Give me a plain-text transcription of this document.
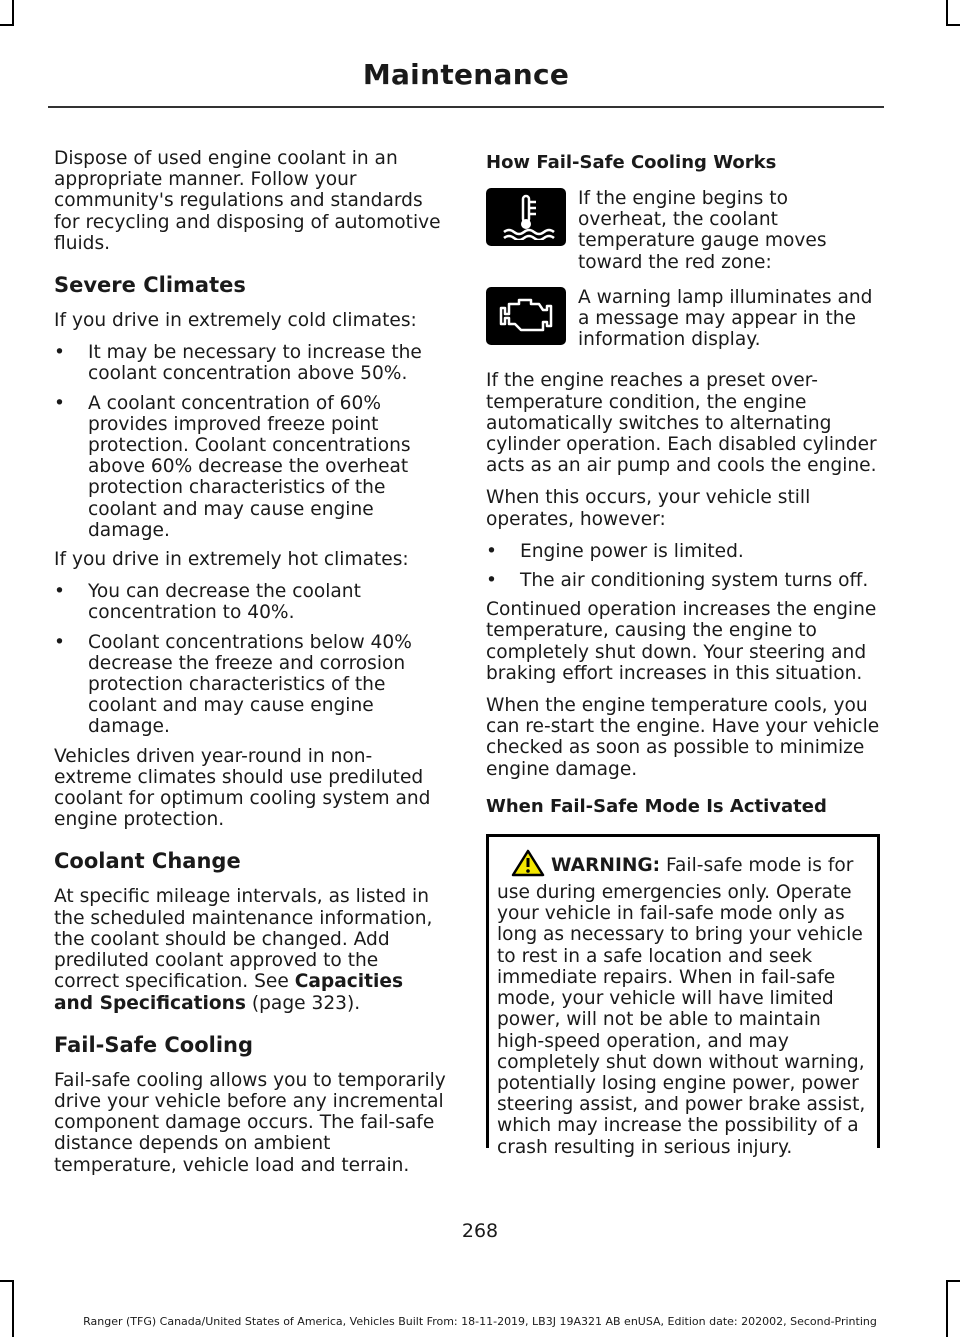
Maintenance

Dispose of used engine coolant in an appropriate manner. Follow your community's regulations and standards for recycling and disposing of automotive fluids.

Severe Climates

If you drive in extremely cold climates:

• It may be necessary to increase the coolant concentration above 50%.
• A coolant concentration of 60% provides improved freeze point protection. Coolant concentrations above 60% decrease the overheat protection characteristics of the coolant and may cause engine damage.

If you drive in extremely hot climates:

• You can decrease the coolant concentration to 40%.
• Coolant concentrations below 40% decrease the freeze and corrosion protection characteristics of the coolant and may cause engine damage.

Vehicles driven year-round in non-extreme climates should use prediluted coolant for optimum cooling system and engine protection.

Coolant Change

At specific mileage intervals, as listed in the scheduled maintenance information, the coolant should be changed. Add prediluted coolant approved to the correct specification. See Capacities and Specifications (page 323).

Fail-Safe Cooling

Fail-safe cooling allows you to temporarily drive your vehicle before any incremental component damage occurs. The fail-safe distance depends on ambient temperature, vehicle load and terrain.

How Fail-Safe Cooling Works
If the engine begins to overheat, the coolant temperature gauge moves toward the red zone:
A warning lamp illuminates and a message may appear in the information display.

If the engine reaches a preset over-temperature condition, the engine automatically switches to alternating cylinder operation. Each disabled cylinder acts as an air pump and cools the engine.

When this occurs, your vehicle still operates, however:

• Engine power is limited.
• The air conditioning system turns off.

Continued operation increases the engine temperature, causing the engine to completely shut down. Your steering and braking effort increases in this situation.

When the engine temperature cools, you can re-start the engine. Have your vehicle checked as soon as possible to minimize engine damage.

When Fail-Safe Mode Is Activated
WARNING: Fail-safe mode is for use during emergencies only. Operate your vehicle in fail-safe mode only as long as necessary to bring your vehicle to rest in a safe location and seek immediate repairs. When in fail-safe mode, your vehicle will have limited power, will not be able to maintain high-speed operation, and may completely shut down without warning, potentially losing engine power, power steering assist, and power brake assist, which may increase the possibility of a crash resulting in serious injury.
268
Ranger (TFG) Canada/United States of America, Vehicles Built From: 18-11-2019, LB3J 19A321 AB enUSA, Edition date: 202002, Second-Printing
